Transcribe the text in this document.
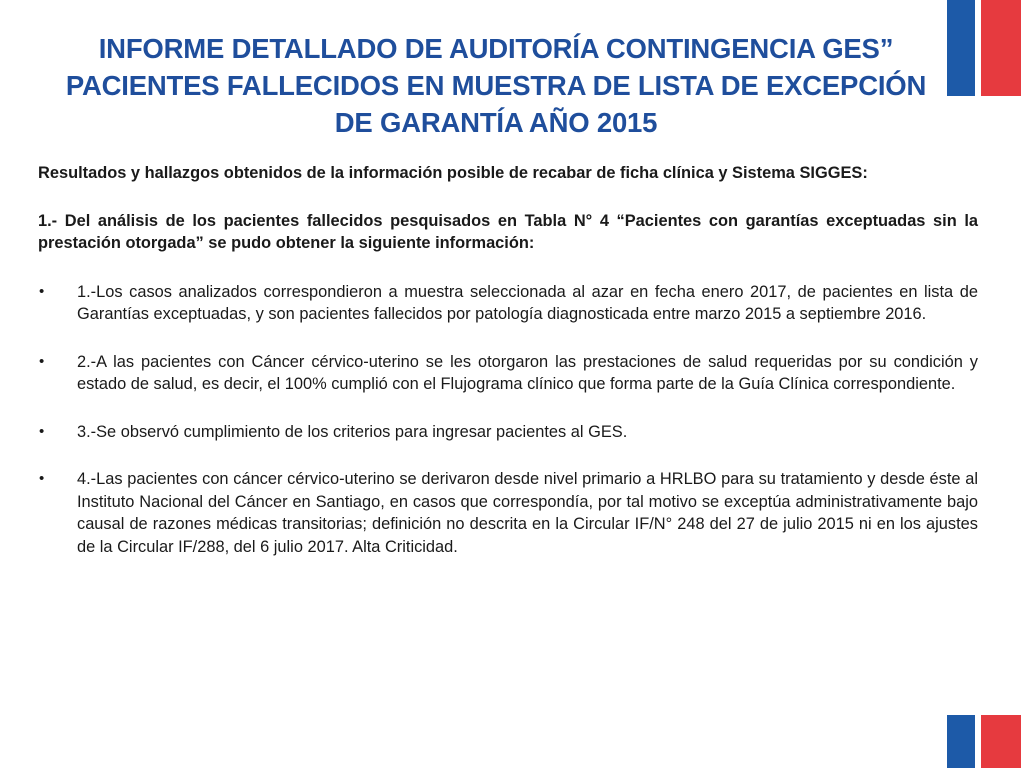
INFORME DETALLADO DE AUDITORÍA CONTINGENCIA GES”
PACIENTES FALLECIDOS EN MUESTRA DE LISTA DE EXCEPCIÓN
DE GARANTÍA AÑO 2015

Resultados y hallazgos obtenidos de la información posible de recabar de ficha clínica y Sistema SIGGES:

1.- Del análisis de los pacientes fallecidos pesquisados en Tabla N° 4 “Pacientes con garantías exceptuadas sin la prestación otorgada” se pudo obtener la siguiente información:

• 1.-Los casos analizados correspondieron a muestra seleccionada al azar en fecha enero 2017, de pacientes en lista de Garantías exceptuadas, y son pacientes fallecidos por patología diagnosticada entre marzo 2015 a septiembre 2016.
• 2.-A las pacientes con Cáncer cérvico-uterino se les otorgaron las prestaciones de salud requeridas por su condición y estado de salud, es decir, el 100% cumplió con el Flujograma clínico que forma parte de la Guía Clínica correspondiente.
• 3.-Se observó cumplimiento de los criterios para ingresar pacientes al GES.
• 4.-Las pacientes con cáncer cérvico-uterino se derivaron desde nivel primario a HRLBO para su tratamiento y desde éste al Instituto Nacional del Cáncer en Santiago, en casos que correspondía, por tal motivo se exceptúa administrativamente bajo causal de razones médicas transitorias; definición no descrita en la Circular IF/N° 248 del 27 de julio 2015 ni en los ajustes de la Circular IF/288, del 6 julio 2017. Alta Criticidad.
